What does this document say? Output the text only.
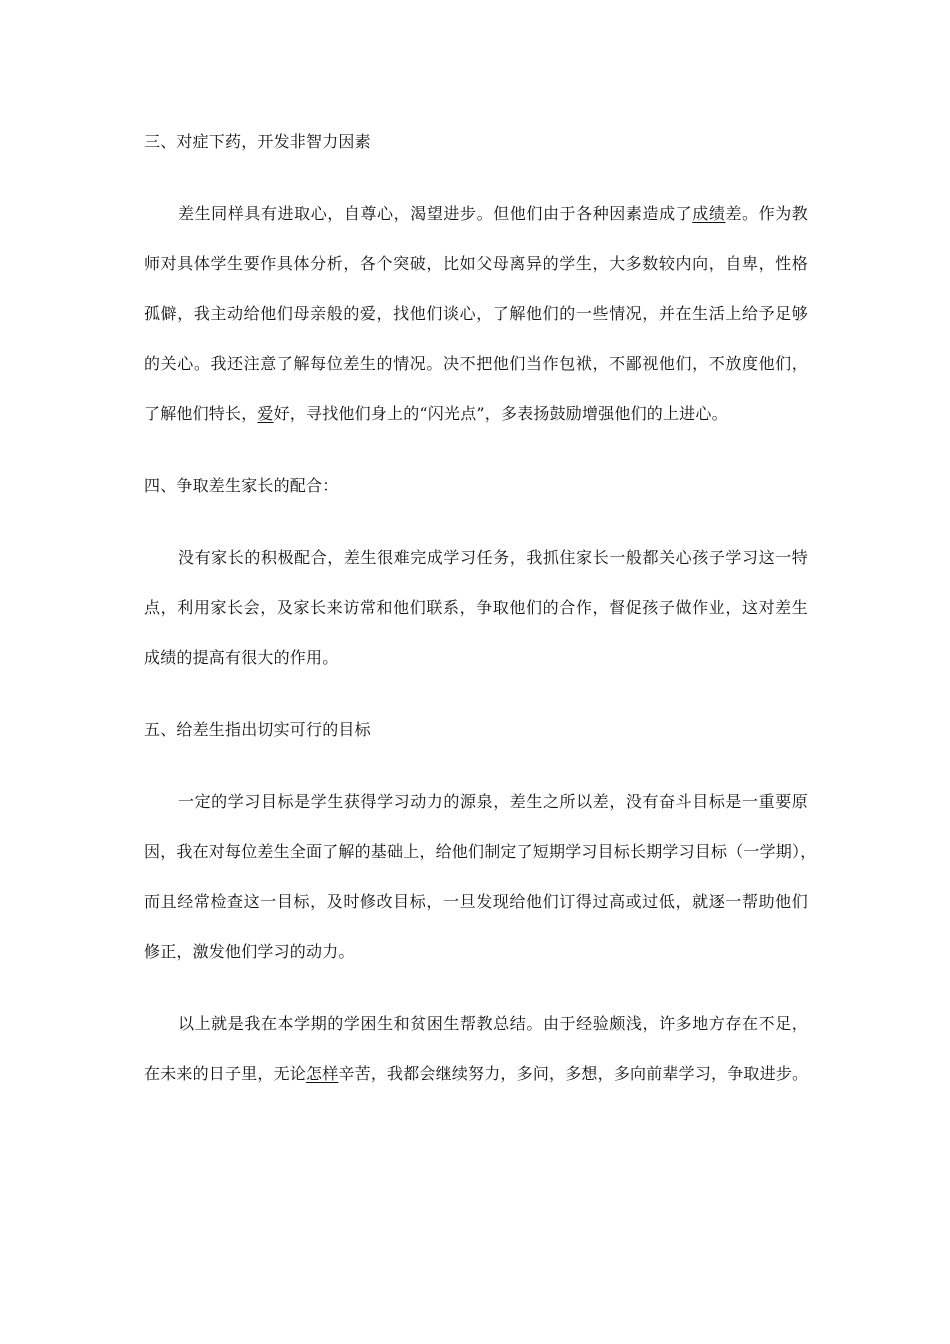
三、对症下药，开发非智力因素
差生同样具有进取心，自尊心，渴望进步。但他们由于各种因素造成了成绩差。作为教
师对具体学生要作具体分析，各个突破，比如父母离异的学生，大多数较内向，自卑，性格
孤僻，我主动给他们母亲般的爱，找他们谈心，了解他们的一些情况，并在生活上给予足够
的关心。我还注意了解每位差生的情况。决不把他们当作包袱，不鄙视他们，不放度他们，
了解他们特长，爱好，寻找他们身上的“闪光点”，多表扬鼓励增强他们的上进心。
四、争取差生家长的配合：
没有家长的积极配合，差生很难完成学习任务，我抓住家长一般都关心孩子学习这一特
点，利用家长会，及家长来访常和他们联系，争取他们的合作，督促孩子做作业，这对差生
成绩的提高有很大的作用。
五、给差生指出切实可行的目标
一定的学习目标是学生获得学习动力的源泉，差生之所以差，没有奋斗目标是一重要原
因，我在对每位差生全面了解的基础上，给他们制定了短期学习目标长期学习目标（一学期），
而且经常检查这一目标，及时修改目标，一旦发现给他们订得过高或过低，就逐一帮助他们
修正，激发他们学习的动力。
以上就是我在本学期的学困生和贫困生帮教总结。由于经验颇浅，许多地方存在不足，
在未来的日子里，无论怎样辛苦，我都会继续努力，多问，多想，多向前辈学习，争取进步。
